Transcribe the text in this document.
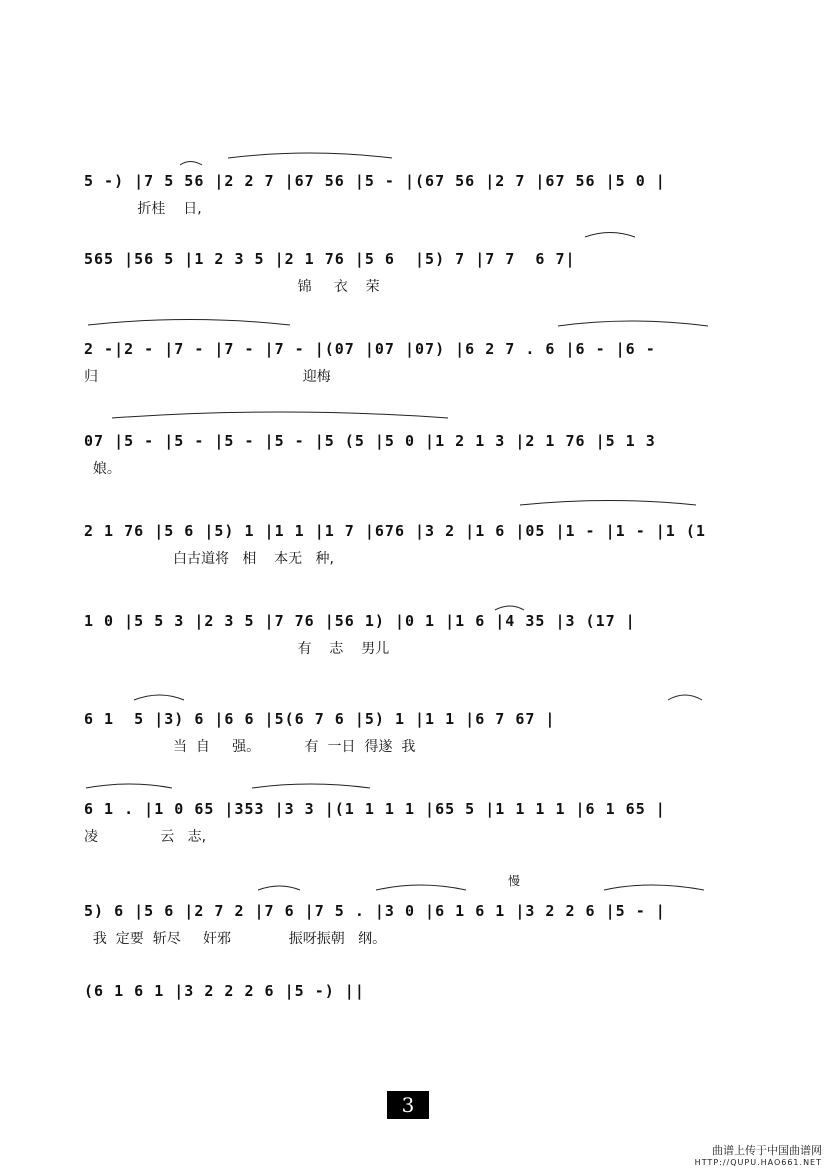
5 -) |7 5 56 |2 2 7 |67 56 |5 - |(67 56 |2 7 |67 56 |5 0 |
折桂    日,
565 |56 5 |1 2 3 5 |2 1 76 |5 6  |5) 7 |7 7  6 7|
锦     衣    荣
2 -|2 - |7 - |7 - |7 - |(07 |07 |07) |6 2 7 . 6 |6 - |6 -
归                                              迎梅
07 |5 - |5 - |5 - |5 - |5 (5 |5 0 |1 2 1 3 |2 1 76 |5 1 3
娘。
2 1 76 |5 6 |5) 1 |1 1 |1 7 |676 |3 2 |1 6 |05 |1 - |1 - |1 (1
白古道将   相    本无   种,
1 0 |5 5 3 |2 3 5 |7 76 |56 1) |0 1 |1 6 |4 35 |3 (17 |
有    志    男儿
6 1  5 |3) 6 |6 6 |5(6 7 6 |5) 1 |1 1 |6 7 67 |
当  自     强。          有  一日  得遂  我
6 1 . |1 0 65 |353 |3 3 |(1 1 1 1 |65 5 |1 1 1 1 |6 1 65 |
凌              云   志,
5) 6 |5 6 |2 7 2 |7 6 |7 5 . |3 0 |6 1 6 1 |3 2 2 6 |5 - |
我  定要  斩尽     奸邪             振呀振朝   纲。
(6 1 6 1 |3 2 2 2 6 |5 -) ||
慢
3
曲谱上传于中国曲谱网
HTTP://QUPU.HAO661.NET
